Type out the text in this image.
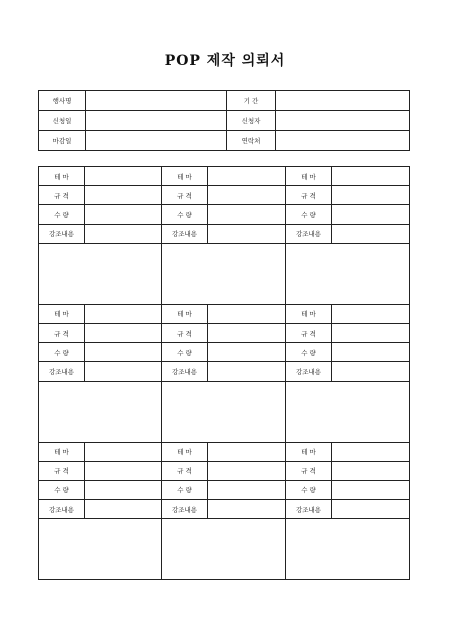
POP 제작 의뢰서
행사명		기 간	
신청일		신청자	
마감일		연락처	
테 마		테 마		테 마	
규 격		규 격		규 격	
수 량		수 량		수 량	
강조내용		강조내용		강조내용	

테 마		테 마		테 마	
규 격		규 격		규 격	
수 량		수 량		수 량	
강조내용		강조내용		강조내용	

테 마		테 마		테 마	
규 격		규 격		규 격	
수 량		수 량		수 량	
강조내용		강조내용		강조내용	
